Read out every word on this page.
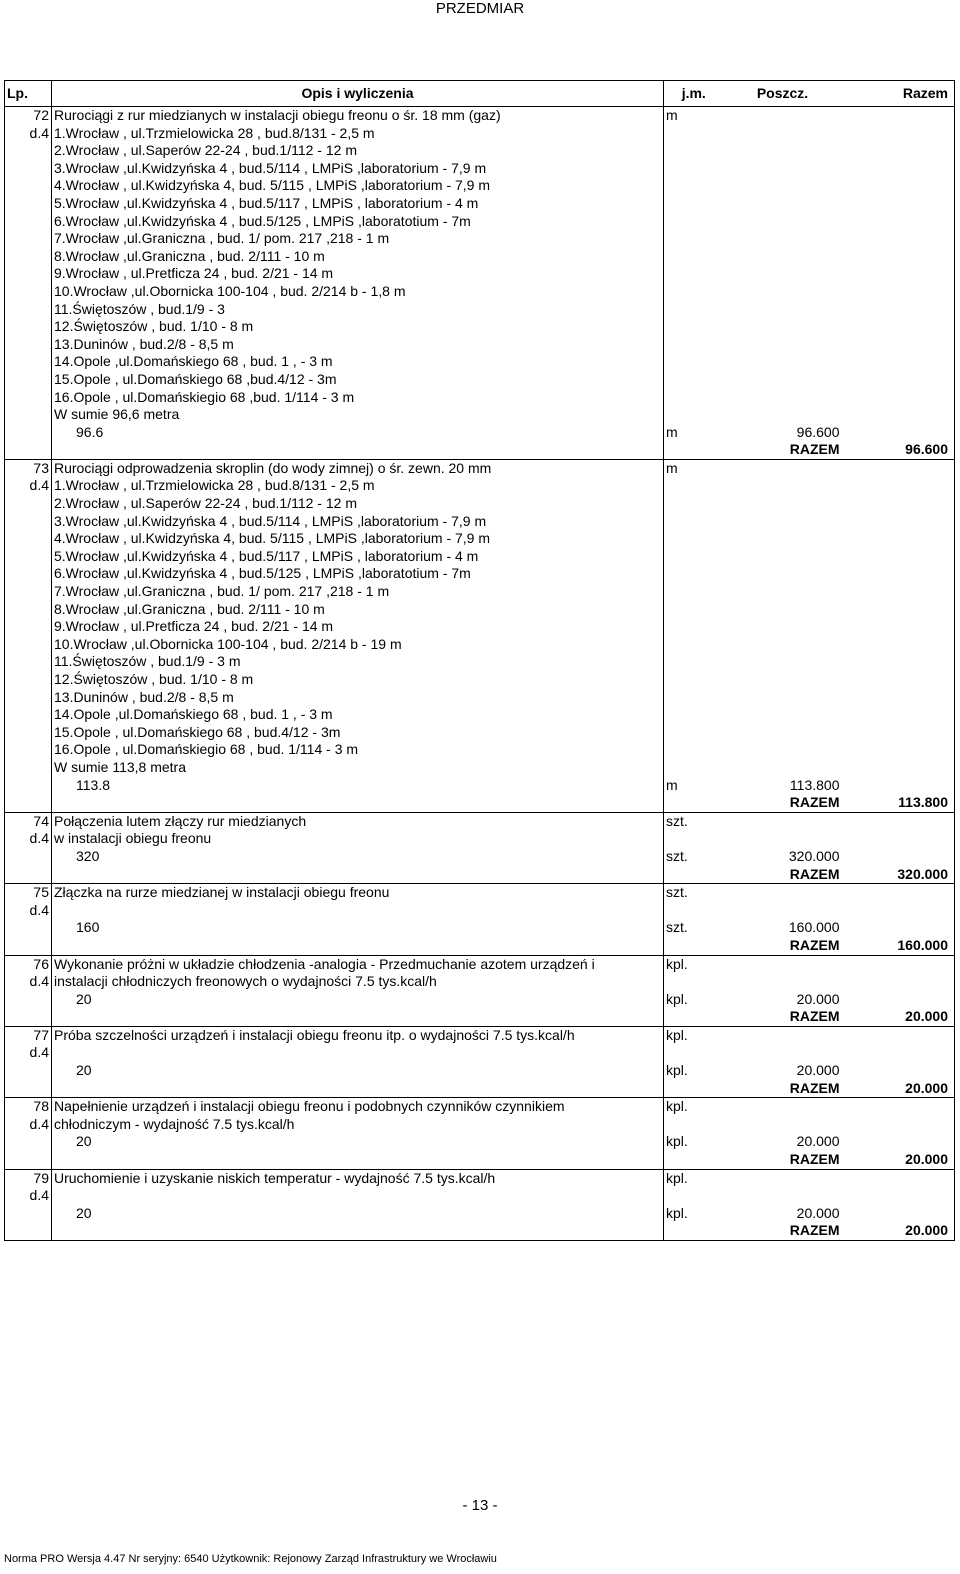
PRZEDMIAR
Lp.	Opis i wyliczenia	j.m.	Poszcz.	Razem
72	Rurociągi z rur miedzianych w instalacji obiegu freonu o śr. 18 mm (gaz)	m		
d.4	1.Wrocław , ul.Trzmielowicka 28 , bud.8/131 - 2,5 m			
	2.Wrocław , ul.Saperów 22-24 , bud.1/112 - 12 m			
	3.Wrocław ,ul.Kwidzyńska 4 , bud.5/114 , LMPiS ,laboratorium - 7,9 m			
	4.Wrocław , ul.Kwidzyńska 4, bud. 5/115 , LMPiS ,laboratorium - 7,9 m			
	5.Wrocław ,ul.Kwidzyńska 4 , bud.5/117 , LMPiS , laboratorium - 4 m			
	6.Wrocław ,ul.Kwidzyńska 4 , bud.5/125 , LMPiS ,laboratotium - 7m			
	7.Wrocław ,ul.Graniczna , bud. 1/ pom. 217 ,218 - 1 m			
	8.Wrocław ,ul.Graniczna , bud. 2/111 - 10 m			
	9.Wrocław , ul.Pretficza 24 , bud. 2/21 - 14 m			
	10.Wrocław ,ul.Obornicka 100-104 , bud. 2/214 b - 1,8 m			
	11.Świętoszów , bud.1/9 - 3			
	12.Świętoszów , bud. 1/10 - 8 m			
	13.Duninów , bud.2/8 - 8,5 m			
	14.Opole ,ul.Domańskiego 68 , bud. 1 , - 3 m			
	15.Opole , ul.Domańskiego 68 ,bud.4/12 - 3m			
	16.Opole , ul.Domańskiegio 68 ,bud. 1/114 - 3 m			
	W sumie 96,6 metra			
	96.6	m	96.600	
			RAZEM	96.600
73	Rurociągi odprowadzenia skroplin (do wody zimnej) o śr. zewn. 20 mm	m		
d.4	1.Wrocław , ul.Trzmielowicka 28 , bud.8/131 - 2,5 m			
	2.Wrocław , ul.Saperów 22-24 , bud.1/112 - 12 m			
	3.Wrocław ,ul.Kwidzyńska 4 , bud.5/114 , LMPiS ,laboratorium - 7,9 m			
	4.Wrocław , ul.Kwidzyńska 4, bud. 5/115 , LMPiS ,laboratorium - 7,9 m			
	5.Wrocław ,ul.Kwidzyńska 4 , bud.5/117 , LMPiS , laboratorium - 4 m			
	6.Wrocław ,ul.Kwidzyńska 4 , bud.5/125 , LMPiS ,laboratotium - 7m			
	7.Wrocław ,ul.Graniczna , bud. 1/ pom. 217 ,218 - 1 m			
	8.Wrocław ,ul.Graniczna , bud. 2/111 - 10 m			
	9.Wrocław , ul.Pretficza 24 , bud. 2/21 - 14 m			
	10.Wrocław ,ul.Obornicka 100-104 , bud. 2/214 b - 19 m			
	11.Świętoszów , bud.1/9 - 3 m			
	12.Świętoszów , bud. 1/10 - 8 m			
	13.Duninów , bud.2/8 - 8,5 m			
	14.Opole ,ul.Domańskiego 68 , bud. 1 , - 3 m			
	15.Opole , ul.Domańskiego 68 , bud.4/12 - 3m			
	16.Opole , ul.Domańskiegio 68 , bud. 1/114 - 3 m			
	W sumie 113,8 metra			
	113.8	m	113.800	
			RAZEM	113.800
74	Połączenia lutem złączy rur miedzianych	szt.		
d.4	w instalacji obiegu freonu			
	320	szt.	320.000	
			RAZEM	320.000
75	Złączka na rurze miedzianej w instalacji obiegu freonu	szt.		
d.4				
	160	szt.	160.000	
			RAZEM	160.000
76	Wykonanie próżni w układzie chłodzenia -analogia - Przedmuchanie azotem urządzeń i	kpl.		
d.4	instalacji chłodniczych freonowych o wydajności 7.5 tys.kcal/h			
	20	kpl.	20.000	
			RAZEM	20.000
77	Próba szczelności urządzeń i instalacji obiegu freonu itp. o wydajności 7.5 tys.kcal/h	kpl.		
d.4				
	20	kpl.	20.000	
			RAZEM	20.000
78	Napełnienie urządzeń i instalacji obiegu freonu i podobnych czynników czynnikiem	kpl.		
d.4	chłodniczym - wydajność 7.5 tys.kcal/h			
	20	kpl.	20.000	
			RAZEM	20.000
79	Uruchomienie i uzyskanie niskich temperatur - wydajność 7.5 tys.kcal/h	kpl.		
d.4				
	20	kpl.	20.000	
			RAZEM	20.000
- 13 -
Norma PRO Wersja 4.47 Nr seryjny: 6540 Użytkownik: Rejonowy Zarząd Infrastruktury we Wrocławiu
